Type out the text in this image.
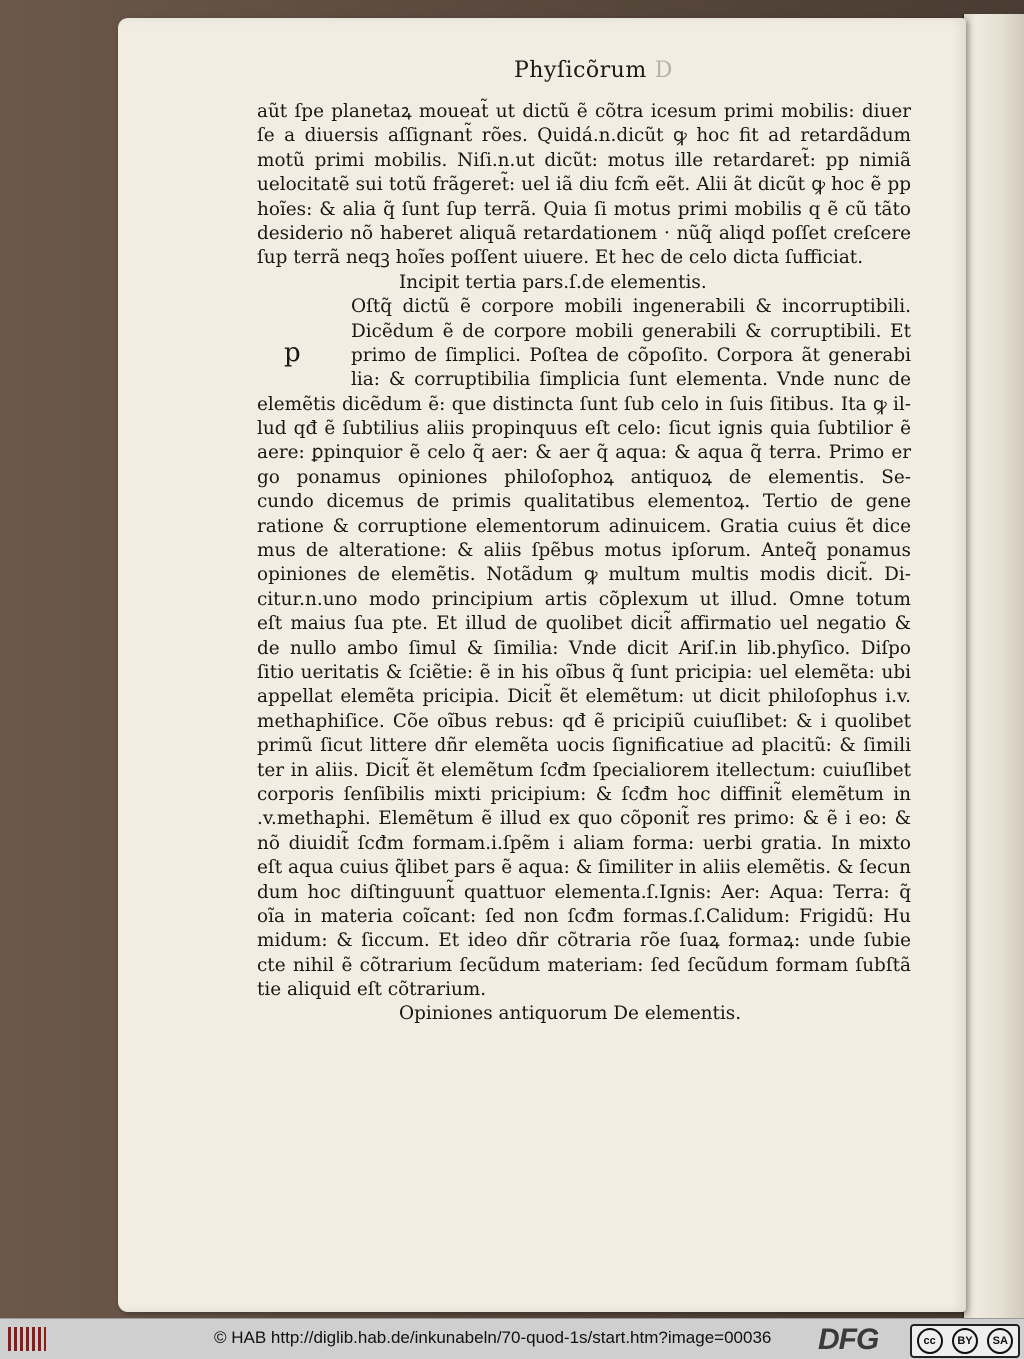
Phyſicõrum D
p
aũt ſpe planetaꝝ moueat̃ ut dictũ ẽ cõtra icesum primi mobilis: diuer
ſe a diuersis aſſignant̃ rões. Quidá.n.dicũt ꝙ hoc fit ad retardãdum
motũ primi mobilis. Niſi.n.ut dicũt: motus ille retardaret̃: pp nimiã
uelocitatẽ sui totũ frãgeret̃: uel iã diu fcm̃ eẽt. Alii ãt dicũt ꝙ hoc ẽ pp
hoĩes: & alia q̃ ſunt ſup terrã. Quia ſi motus primi mobilis q ẽ cũ tãto
desiderio nõ haberet aliquã retardationem · nũq̃ aliqd poſſet creſcere
ſup terrã neqꝫ hoĩes poſſent uiuere. Et hec de celo dicta ſufficiat.
Incipit tertia pars.ſ.de elementis.
Oſtq̃ dictũ ẽ corpore mobili ingenerabili & incorruptibili.
Dicẽdum ẽ de corpore mobili generabili & corruptibili. Et
primo de ſimplici. Poſtea de cõpoſito. Corpora ãt generabi
lia: & corruptibilia ſimplicia ſunt elementa. Vnde nunc de
elemẽtis dicẽdum ẽ: que distincta ſunt ſub celo in ſuis ſitibus. Ita ꝙ il‑
lud qđ ẽ ſubtilius aliis propinquus eſt celo: ſicut ignis quia ſubtilior ẽ
aere: ꝑpinquior ẽ celo q̃ aer: & aer q̃ aqua: & aqua q̃ terra. Primo er
go ponamus opiniones philoſophoꝝ antiquoꝝ de elementis. Se‑
cundo dicemus de primis qualitatibus elementoꝝ. Tertio de gene
ratione & corruptione elementorum adinuicem. Gratia cuius ẽt dice
mus de alteratione: & aliis ſpẽbus motus ipſorum. Anteq̃ ponamus
opiniones de elemẽtis. Notãdum ꝙ multum multis modis dicit̃. Di‑
citur.n.uno modo principium artis cõplexum ut illud. Omne totum
eſt maius ſua pte. Et illud de quolibet dicit̃ affirmatio uel negatio &
de nullo ambo ſimul & ſimilia: Vnde dicit Ariſ.in lib.phyſico. Diſpo
ſitio ueritatis & ſciẽtie: ẽ in his oĩbus q̃ ſunt pricipia: uel elemẽta: ubi
appellat elemẽta pricipia. Dicit̃ ẽt elemẽtum: ut dicit philoſophus i.v.
methaphiſice. Cõe oĩbus rebus: qđ ẽ pricipiũ cuiuſlibet: & i quolibet
primũ ſicut littere dñr elemẽta uocis ſignificatiue ad placitũ: & ſimili
ter in aliis. Dicit̃ ẽt elemẽtum ſcđm ſpecialiorem itellectum: cuiuſlibet
corporis ſenſibilis mixti pricipium: & ſcđm hoc diffinit̃ elemẽtum in
.v.methaphi. Elemẽtum ẽ illud ex quo cõponit̃ res primo: & ẽ i eo: &
nõ diuidit̃ ſcđm formam.i.ſpẽm i aliam forma: uerbi gratia. In mixto
eſt aqua cuius q̃libet pars ẽ aqua: & ſimiliter in aliis elemẽtis. & ſecun
dum hoc diſtinguunt̃ quattuor elementa.ſ.Ignis: Aer: Aqua: Terra: q̃
oĩa in materia coĩcant: ſed non ſcđm formas.ſ.Calidum: Frigidũ: Hu
midum: & ſiccum. Et ideo dñr cõtraria rõe ſuaꝝ formaꝝ: unde ſubie
cte nihil ẽ cõtrarium ſecũdum materiam: ſed ſecũdum formam ſubſtã
tie aliquid eſt cõtrarium.
Opiniones antiquorum De elementis.
© HAB http://diglib.hab.de/inkunabeln/70-quod-1s/start.htm?image=00036 DFG	cc	BY	SA
